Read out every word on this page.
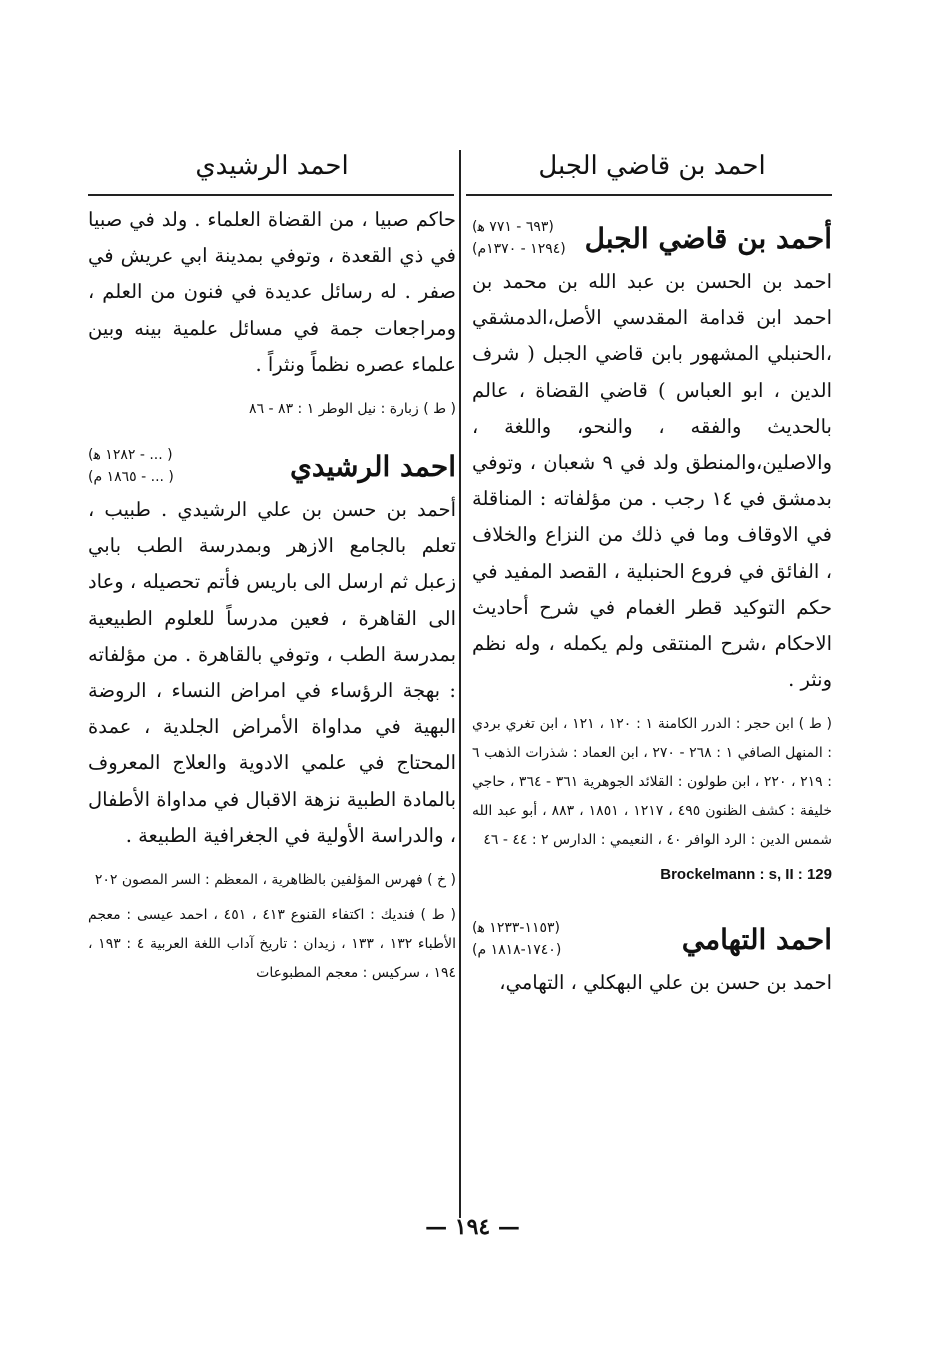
احمد بن قاضي الجبل
أحمد بن قاضي الجبل
(٦٩٣ - ٧٧١ ﻫ)
(١٢٩٤ - ١٣٧٠م)

احمد بن الحسن بن عبد الله بن محمد بن احمد ابن قدامة المقدسي الأصل،الدمشقي ،الحنبلي المشهور بابن قاضي الجبل ( شرف الدين ، ابو العباس ) قاضي القضاة ، عالم بالحديث والفقه ، والنحو، واللغة ، والاصلين،والمنطق ولد في ٩ شعبان ، وتوفي بدمشق في ١٤ رجب . من مؤلفاته : المناقلة في الاوقاف وما في ذلك من النزاع والخلاف ، الفائق في فروع الحنبلية ، القصد المفيد في حكم التوكيد قطر الغمام في شرح أحاديث الاحكام ،شرح المنتقى ولم يكمله ، وله نظم ونثر .

( ط ) ابن حجر : الدرر الكامنة ١ : ١٢٠ ، ١٢١ ، ابن تغري بردي : المنهل الصافي ١ : ٢٦٨ - ٢٧٠ ، ابن العماد : شذرات الذهب ٦ : ٢١٩ ، ٢٢٠ ، ابن طولون : القلائد الجوهرية ٣٦١ - ٣٦٤ ، حاجي خليفة : كشف الظنون ٤٩٥ ، ١٢١٧ ، ١٨٥١ ، ٨٨٣ ، أبو عبد الله شمس الدين : الرد الوافر ٤٠ ، النعيمي : الدارس ٢ : ٤٤ - ٤٦

Brockelmann : s, II : 129

احمد التهامي
(١١٥٣-١٢٣٣ ﻫ)
(١٧٤٠-١٨١٨ م)

احمد بن حسن بن علي البهكلي ، التهامي،

احمد الرشيدي

حاكم صبيا ، من القضاة العلماء . ولد في صبيا في ذي القعدة ، وتوفي بمدينة ابي عريش في صفر . له رسائل عديدة في فنون من العلم ، ومراجعات جمة في مسائل علمية بينه وبين علماء عصره نظماً ونثراً .

( ط ) زبارة : نيل الوطر ١ : ٨٣ - ٨٦

احمد الرشيدي
( ... - ١٢٨٢ ﻫ)
( ... - ١٨٦٥ م)

أحمد بن حسن بن علي الرشيدي . طبيب ، تعلم بالجامع الازهر وبمدرسة الطب بابي زعبل ثم ارسل الى باريس فأتم تحصيله ، وعاد الى القاهرة ، فعين مدرساً للعلوم الطبيعية بمدرسة الطب ، وتوفي بالقاهرة . من مؤلفاته : بهجة الرؤساء في امراض النساء ، الروضة البهية في مداواة الأمراض الجلدية ، عمدة المحتاج في علمي الادوية والعلاج المعروف بالمادة الطبية نزهة الاقبال في مداواة الأطفال ، والدراسة الأولية في الجغرافية الطبيعة .

( خ ) فهرس المؤلفين بالظاهرية ، المعظم : السر المصون ٢٠٢

( ط ) فنديك : اكتفاء القنوع ٤١٣ ، ٤٥١ ، احمد عيسى : معجم الأطباء ١٣٢ ، ١٣٣ ، زيدان : تاريخ آداب اللغة العربية ٤ : ١٩٣ ، ١٩٤ ، سركيس : معجم المطبوعات

— ١٩٤ —
